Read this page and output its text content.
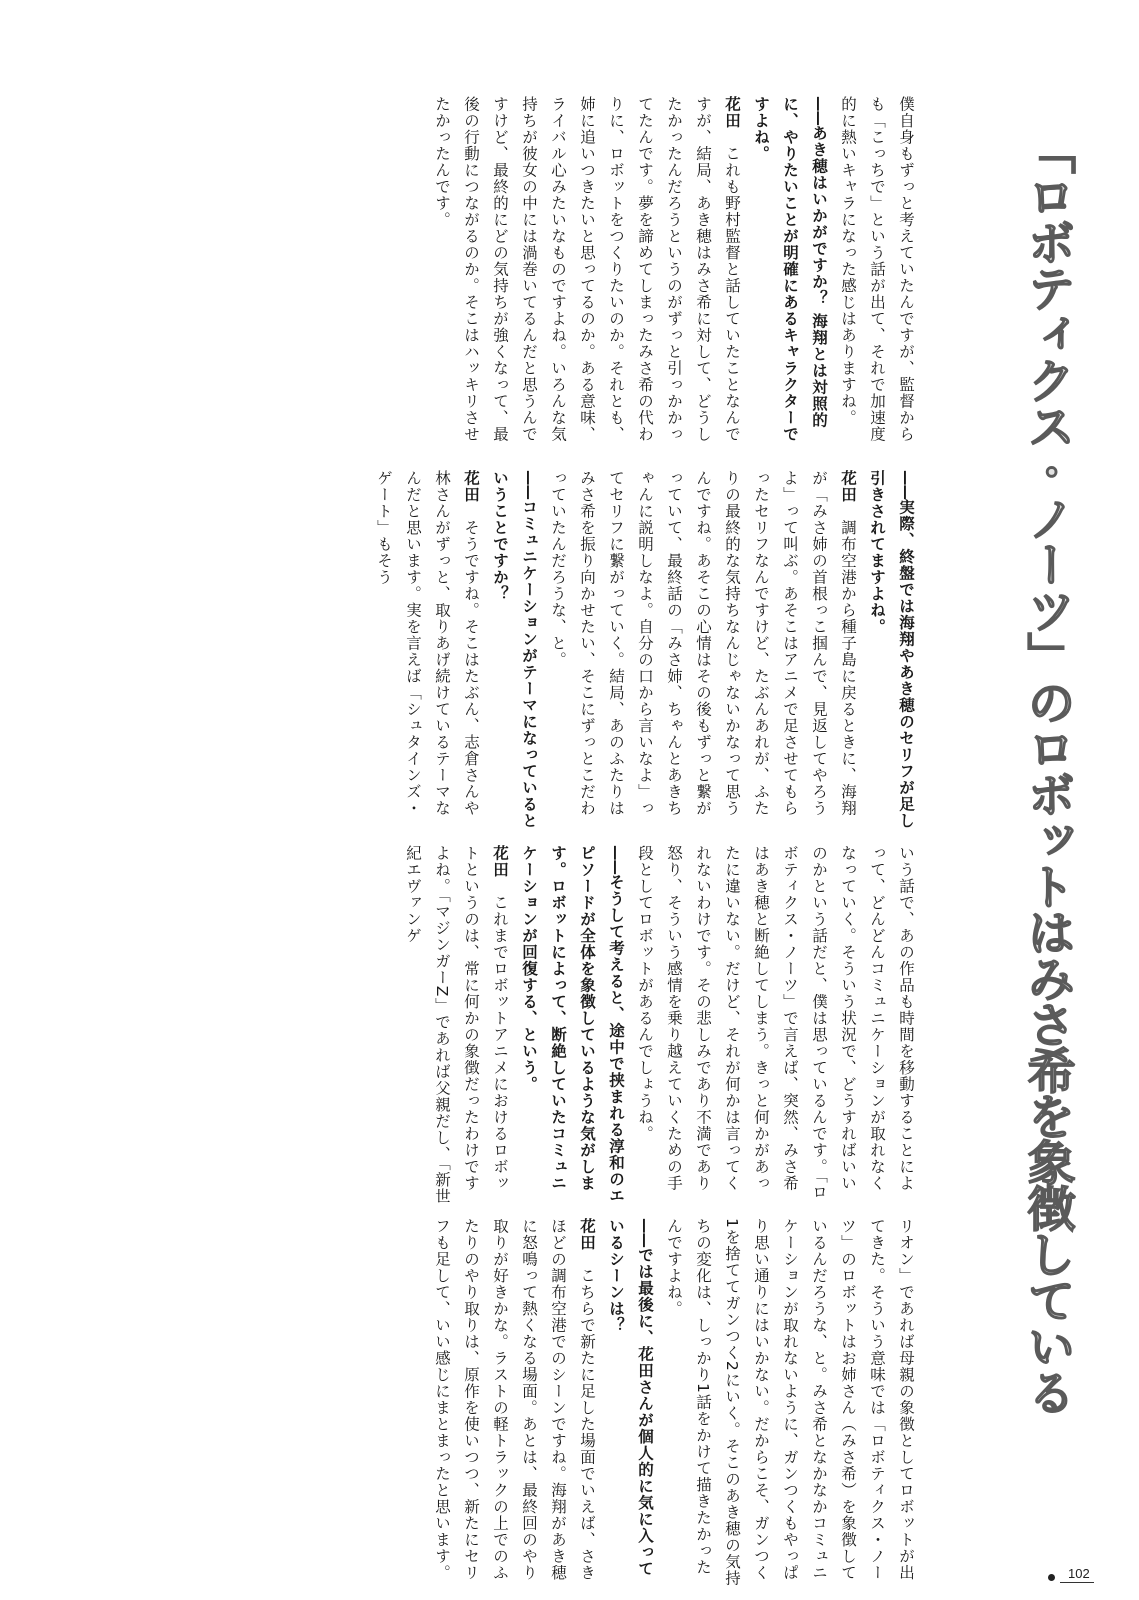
「ロボティクス・ノーツ」のロボットはみさ希を象徴している

僕自身もずっと考えていたんですが、監督からも「こっちで」という話が出て、それで加速度的に熱いキャラになった感じはありますね。

——あき穂はいかがですか？ 海翔とは対照的に、やりたいことが明確にあるキャラクターですよね。

花田　これも野村監督と話していたことなんですが、結局、あき穂はみさ希に対して、どうしたかったんだろうというのがずっと引っかかってたんです。夢を諦めてしまったみさ希の代わりに、ロボットをつくりたいのか。それとも、姉に追いつきたいと思ってるのか。ある意味、ライバル心みたいなものですよね。いろんな気持ちが彼女の中には渦巻いてるんだと思うんですけど、最終的にどの気持ちが強くなって、最後の行動につながるのか。そこはハッキリさせたかったんです。

——実際、終盤では海翔やあき穂のセリフが足し引きされてますよね。

花田　調布空港から種子島に戻るときに、海翔が「みさ姉の首根っこ掴んで、見返してやろうよ」って叫ぶ。あそこはアニメで足させてもらったセリフなんですけど、たぶんあれが、ふたりの最終的な気持ちなんじゃないかなって思うんですね。あそこの心情はその後もずっと繋がっていて、最終話の「みさ姉、ちゃんとあきちゃんに説明しなよ。自分の口から言いなよ」ってセリフに繋がっていく。結局、あのふたりはみさ希を振り向かせたい、そこにずっとこだわっていたんだろうな、と。

——コミュニケーションがテーマになっているということですか？

花田　そうですね。そこはたぶん、志倉さんや林さんがずっと、取りあげ続けているテーマなんだと思います。実を言えば「シュタインズ・ゲート」もそう

いう話で、あの作品も時間を移動することによって、どんどんコミュニケーションが取れなくなっていく。そういう状況で、どうすればいいのかという話だと、僕は思っているんです。「ロボティクス・ノーツ」で言えば、突然、みさ希はあき穂と断絶してしまう。きっと何かがあったに違いない。だけど、それが何かは言ってくれないわけです。その悲しみであり不満であり怒り、そういう感情を乗り越えていくための手段としてロボットがあるんでしょうね。

——そうして考えると、途中で挟まれる淳和のエピソードが全体を象徴しているような気がします。ロボットによって、断絶していたコミュニケーションが回復する、という。

花田　これまでロボットアニメにおけるロボットというのは、常に何かの象徴だったわけですよね。「マジンガーZ」であれば父親だし、「新世紀エヴァンゲ

リオン」であれば母親の象徴としてロボットが出てきた。そういう意味では「ロボティクス・ノーツ」のロボットはお姉さん（みさ希）を象徴しているんだろうな、と。みさ希となかなかコミュニケーションが取れないように、ガンつくもやっぱり思い通りにはいかない。だからこそ、ガンつく1を捨ててガンつく2にいく。そこのあき穂の気持ちの変化は、しっかり1話をかけて描きたかったんですよね。

——では最後に、花田さんが個人的に気に入っているシーンは？

花田　こちらで新たに足した場面でいえば、さきほどの調布空港でのシーンですね。海翔があき穂に怒鳴って熱くなる場面。あとは、最終回のやり取りが好きかな。ラストの軽トラックの上でのふたりのやり取りは、原作を使いつつ、新たにセリフも足して、いい感じにまとまったと思います。	102
